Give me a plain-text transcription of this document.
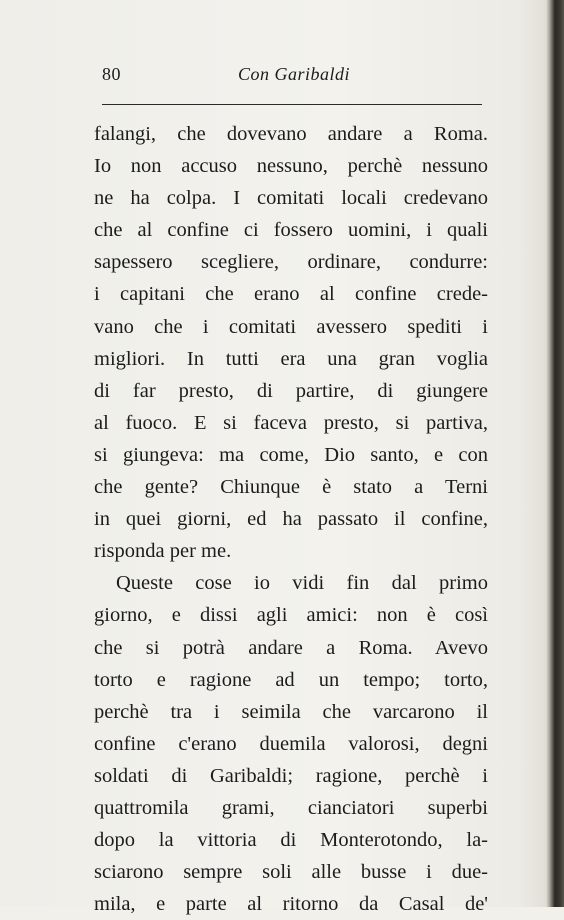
80	Con Garibaldi
falangi, che dovevano andare a Roma.
Io non accuso nessuno, perchè nessuno
ne ha colpa. I comitati locali credevano
che al confine ci fossero uomini, i quali
sapessero scegliere, ordinare, condurre:
i capitani che erano al confine crede-
vano che i comitati avessero spediti i
migliori. In tutti era una gran voglia
di far presto, di partire, di giungere
al fuoco. E si faceva presto, si partiva,
si giungeva: ma come, Dio santo, e con
che gente? Chiunque è stato a Terni
in quei giorni, ed ha passato il confine,
risponda per me.
Queste cose io vidi fin dal primo
giorno, e dissi agli amici: non è così
che si potrà andare a Roma. Avevo
torto e ragione ad un tempo; torto,
perchè tra i seimila che varcarono il
confine c'erano duemila valorosi, degni
soldati di Garibaldi; ragione, perchè i
quattromila grami, cianciatori superbi
dopo la vittoria di Monterotondo, la-
sciarono sempre soli alle busse i due-
mila, e parte al ritorno da Casal de'
